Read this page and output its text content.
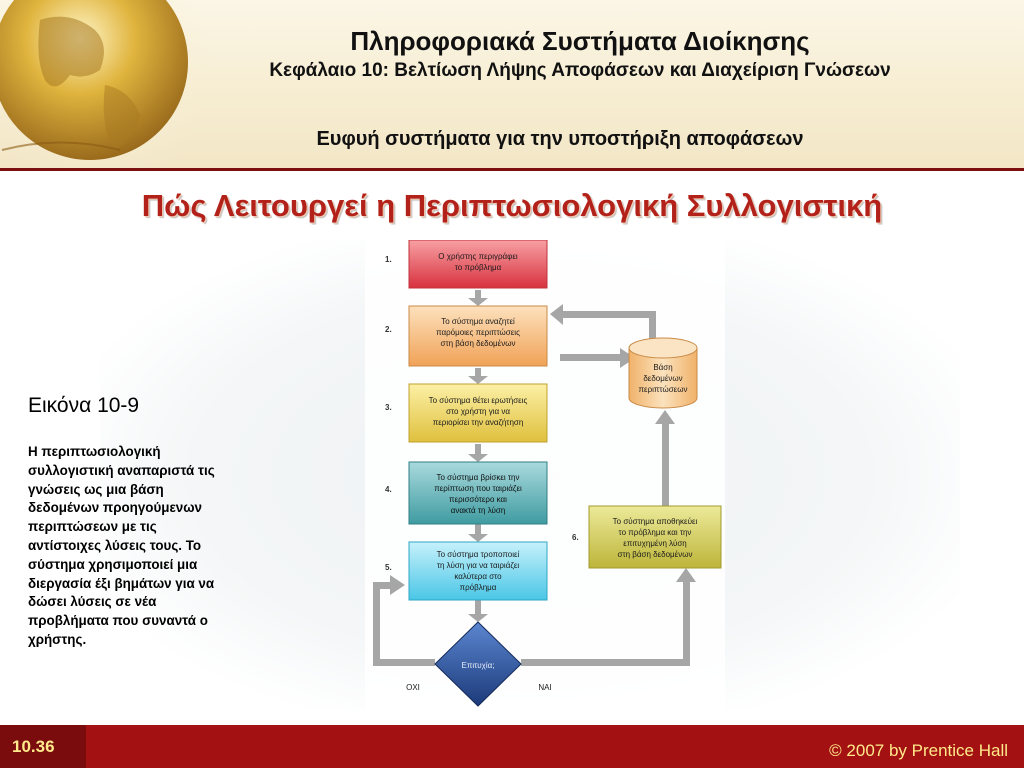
Πληροφοριακά Συστήματα Διοίκησης
Κεφάλαιο 10: Βελτίωση Λήψης Αποφάσεων και Διαχείριση Γνώσεων
Ευφυή συστήματα για την υποστήριξη αποφάσεων
Πώς Λειτουργεί η Περιπτωσιολογική Συλλογιστική
Εικόνα 10-9
Η περιπτωσιολογική συλλογιστική αναπαριστά τις γνώσεις ως μια βάση δεδομένων προηγούμενων περιπτώσεων με τις αντίστοιχες λύσεις τους. Το σύστημα χρησιμοποιεί μια διεργασία έξι βημάτων για να δώσει λύσεις σε νέα προβλήματα που συναντά ο χρήστης.
1.	Ο χρήστης περιγράφει
το πρόβλημα
2.
Το σύστημα αναζητεί
παρόμοιες περιπτώσεις
στη βάση δεδομένων
3.
Το σύστημα θέτει ερωτήσεις
στο χρήστη για να
περιορίσει την αναζήτηση
4.
Το σύστημα βρίσκει την
περίπτωση που ταιριάζει
περισσότερο και
ανακτά τη λύση
5.
Το σύστημα τροποποιεί
τη λύση για να ταιριάζει
καλύτερα στο
πρόβλημα
Επιτυχία;
ΟΧΙ	ΝΑΙ
Βάση
δεδομένων
περιπτώσεων
6.
Το σύστημα αποθηκεύει
το πρόβλημα και την
επιτυχημένη λύση
στη βάση δεδομένων
10.36	© 2007 by Prentice Hall
